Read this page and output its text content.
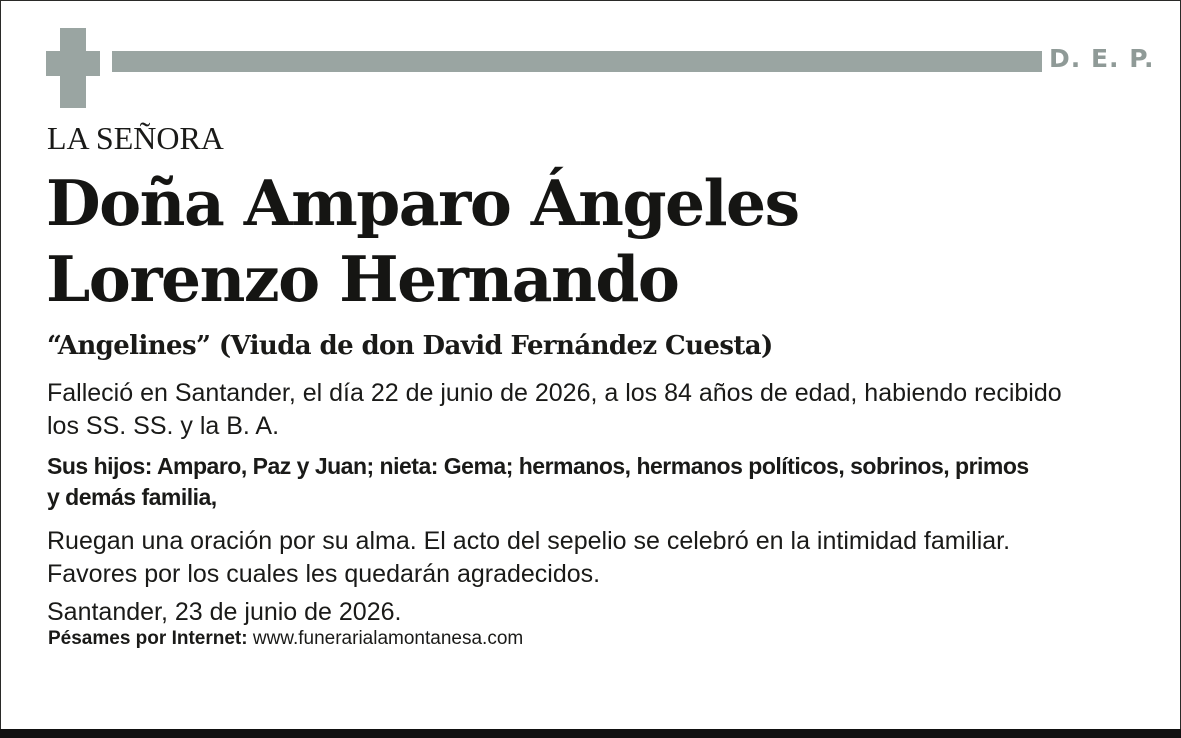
D. E. P.
LA SEÑORA
Doña Amparo Ángeles
Lorenzo Hernando
“Angelines” (Viuda de don David Fernández Cuesta)
Falleció en Santander, el día 22 de junio de 2026, a los 84 años de edad, habiendo recibido
los SS. SS. y la B. A.
Sus hijos: Amparo, Paz y Juan; nieta: Gema; hermanos, hermanos políticos, sobrinos, primos
y demás familia,
Ruegan una oración por su alma. El acto del sepelio se celebró en la intimidad familiar.
Favores por los cuales les quedarán agradecidos.
Santander, 23 de junio de 2026.
Pésames por Internet: www.funerarialamontanesa.com
